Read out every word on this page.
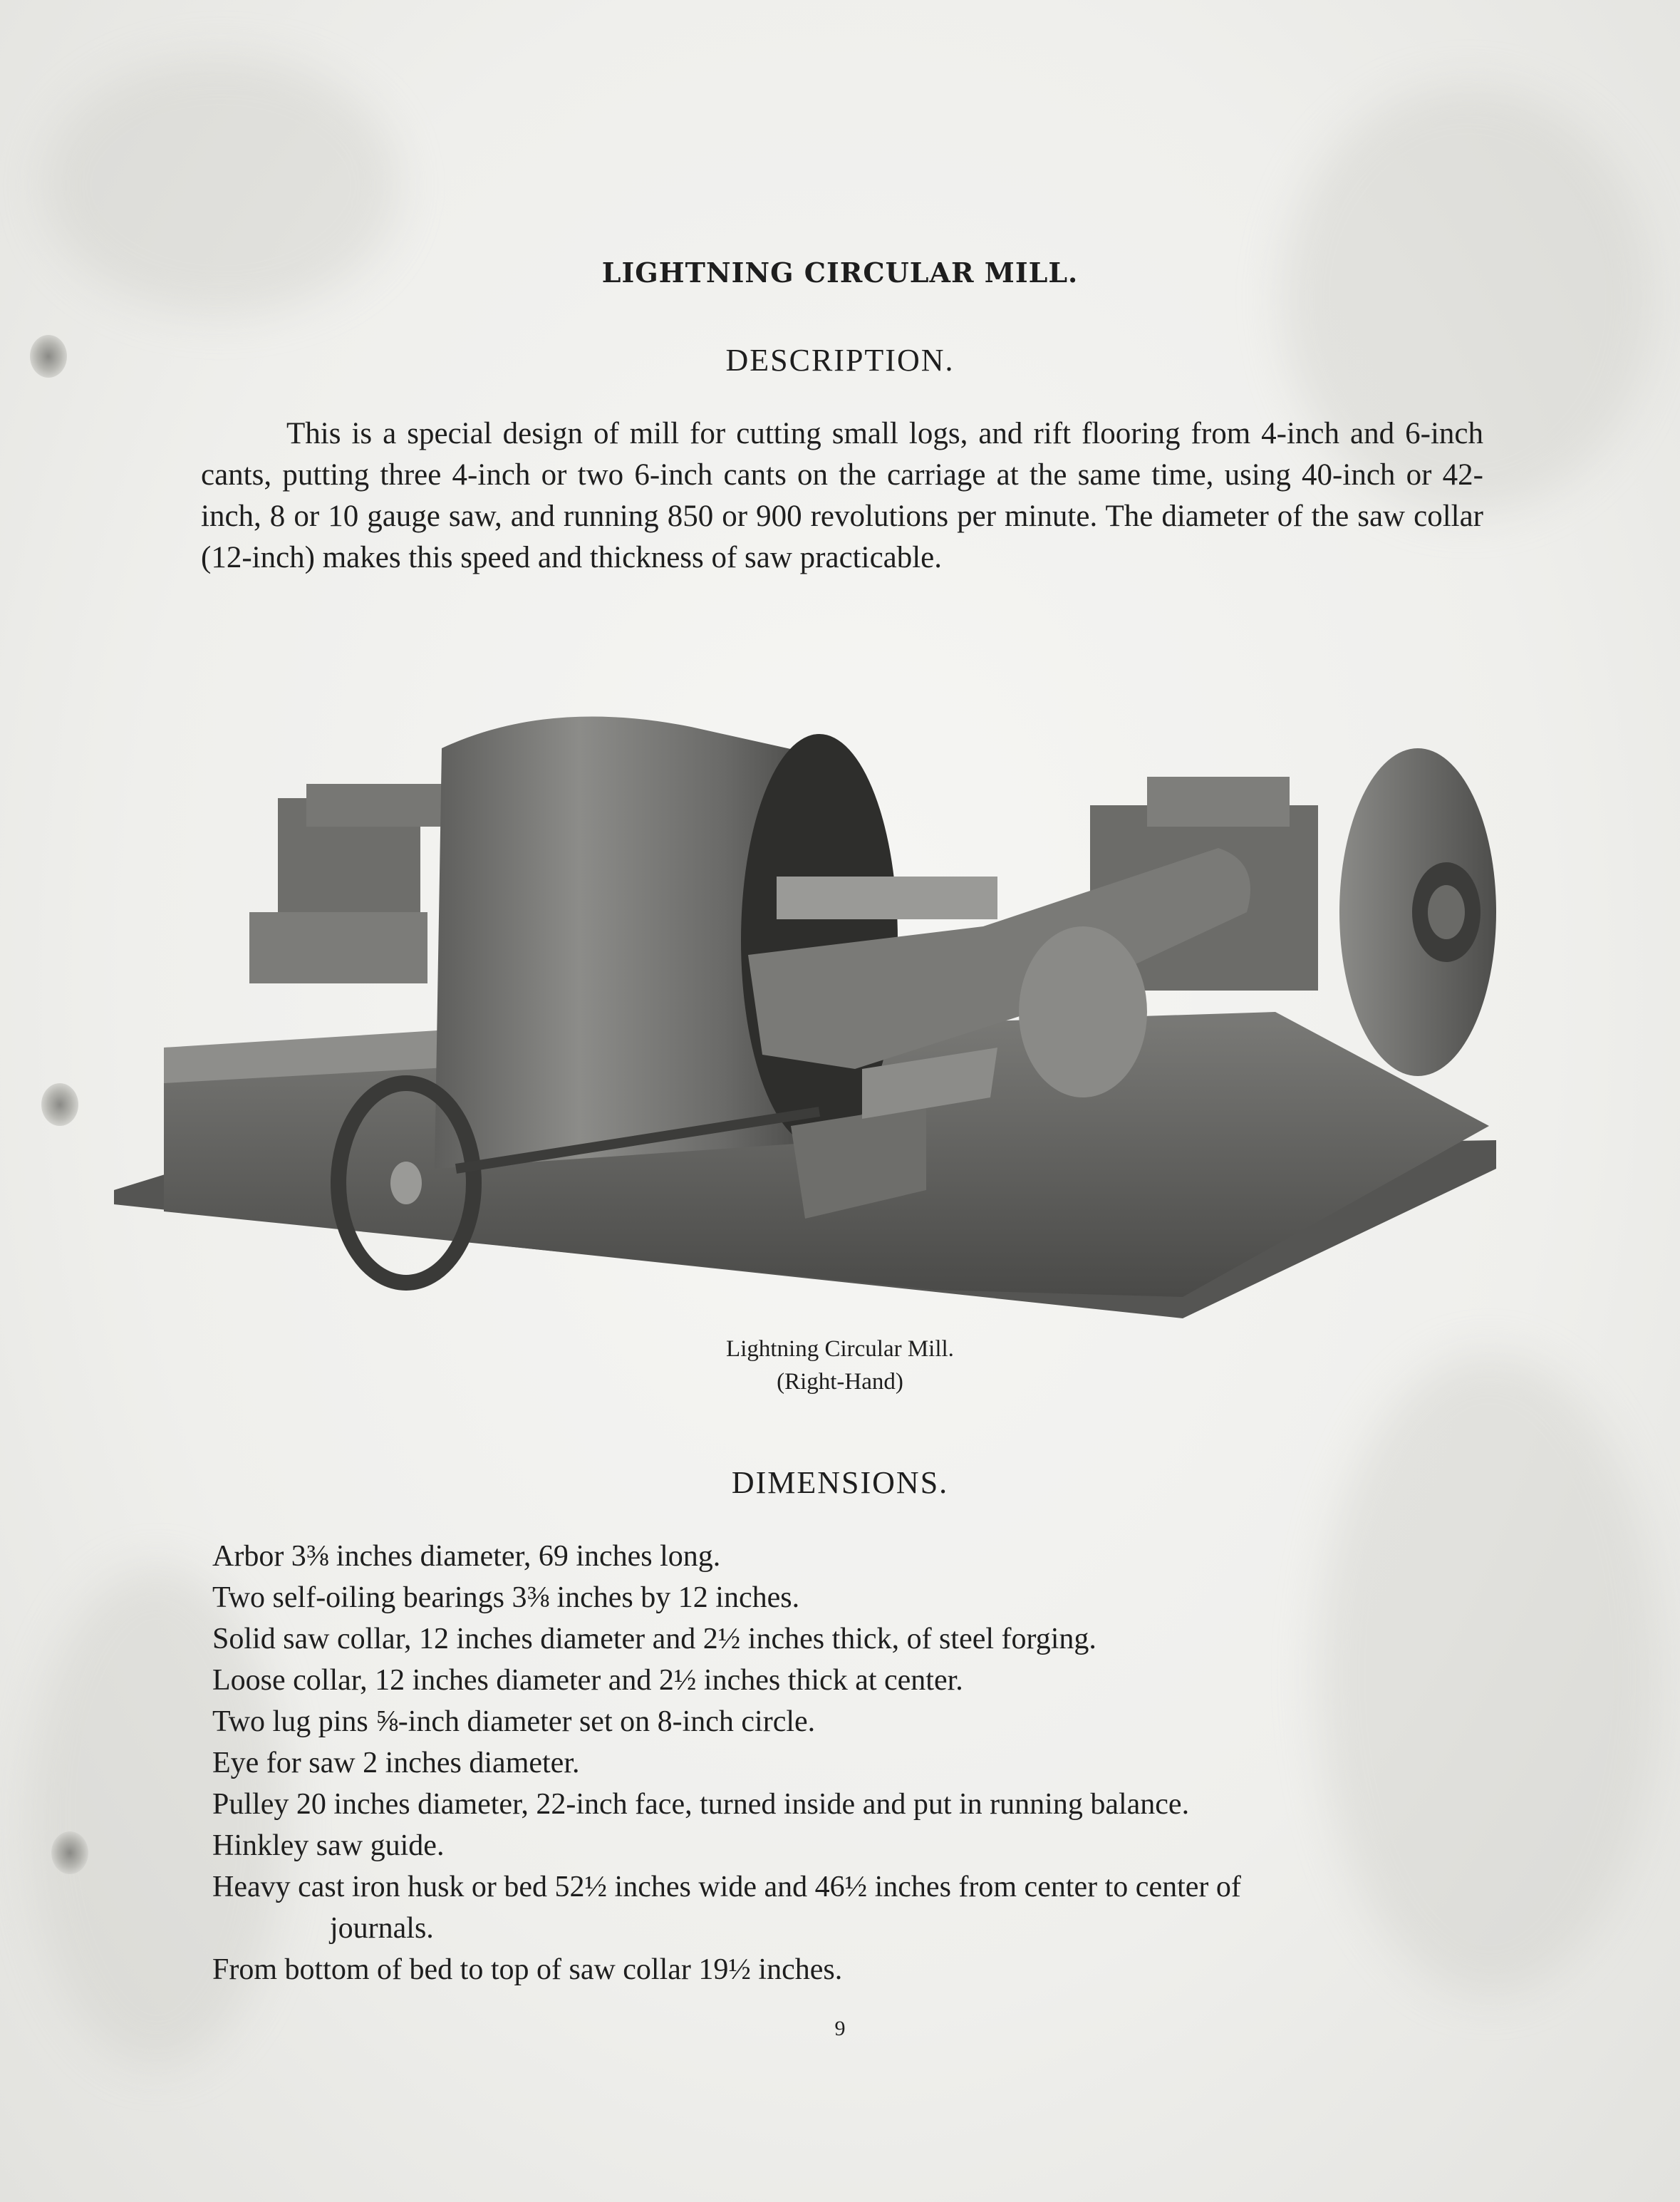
LIGHTNING CIRCULAR MILL.
DESCRIPTION.

This is a special design of mill for cutting small logs, and rift flooring from 4-inch and 6-inch cants, putting three 4-inch or two 6-inch cants on the carriage at the same time, using 40-inch or 42-inch, 8 or 10 gauge saw, and running 850 or 900 revolutions per minute. The diameter of the saw collar (12-inch) makes this speed and thickness of saw practicable.

Lightning Circular Mill.
(Right-Hand)
DIMENSIONS.
Arbor 3⅜ inches diameter, 69 inches long.
Two self-oiling bearings 3⅜ inches by 12 inches.
Solid saw collar, 12 inches diameter and 2½ inches thick, of steel forging.
Loose collar, 12 inches diameter and 2½ inches thick at center.
Two lug pins ⅝-inch diameter set on 8-inch circle.
Eye for saw 2 inches diameter.
Pulley 20 inches diameter, 22-inch face, turned inside and put in running balance.
Hinkley saw guide.
Heavy cast iron husk or bed 52½ inches wide and 46½ inches from center to center of
journals.
From bottom of bed to top of saw collar 19½ inches.
9
